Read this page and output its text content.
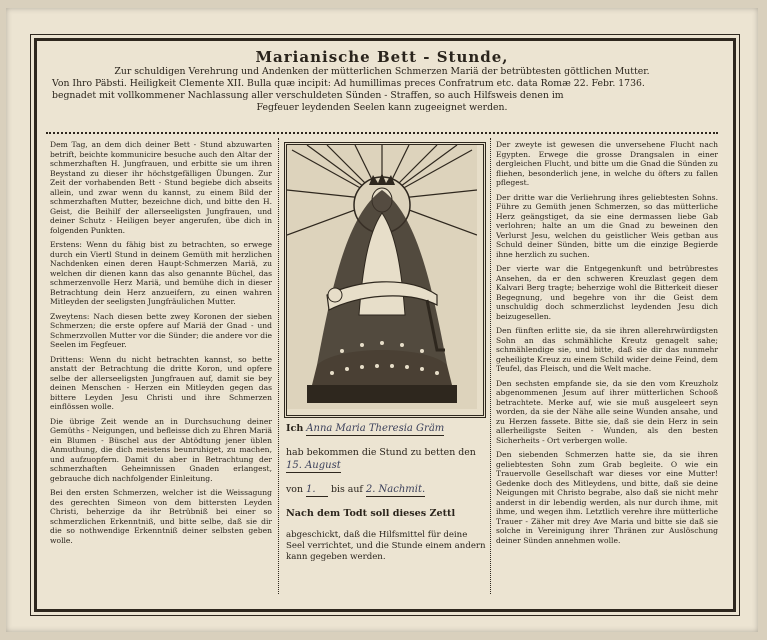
Marianische Bett - Stunde,
Zur schuldigen Verehrung und Andenken der mütterlichen Schmerzen Mariä der betrübtesten göttlichen Mutter.
Von Ihro Päbsti. Heiligkeit Clemente XII. Bulla quæ incipit: Ad humillimas preces Confratrum etc. data Romæ 22. Febr. 1736.
begnadet mit vollkommener Nachlassung aller verschuldeten Sünden - Straffen, so auch Hilfsweis denen im
Fegfeuer leydenden Seelen kann zugeeignet werden.

Dem Tag, an dem dich deiner Bett - Stund abzuwarten betrift, beichte kommunicire besuche auch den Altar der schmerzhaften H. Jungfrauen, und erbitte sie um ihren Beystand zu dieser ihr höchstgefälligen Übungen. Zur Zeit der vorhabenden Bett - Stund begiebe dich abseits allein, und zwar wenn du kannst, zu einem Bild der schmerzhaften Mutter, bezeichne dich, und bitte den H. Geist, die Beihilf der allerseeligsten Jungfrauen, und deiner Schutz - Heiligen beyer angerufen, übe dich in folgenden Punkten.

Erstens: Wenn du fähig bist zu betrachten, so erwege durch ein Viertl Stund in deinem Gemüth mit herzlichen Nachdenken einen deren Haupt-Schmerzen Mariä, zu welchen dir dienen kann das also genannte Büchel, das schmerzenvolle Herz Mariä, und bemühe dich in dieser Betrachtung dein Herz anzueifern, zu einen wahren Mitleyden der seeligsten Jungfräulichen Mutter.

Zweytens: Nach diesen bette zwey Koronen der sieben Schmerzen; die erste opfere auf Mariä der Gnad - und Schmerzvollen Mutter vor die Sünder; die andere vor die Seelen im Fegfeuer.

Drittens: Wenn du nicht betrachten kannst, so bette anstatt der Betrachtung die dritte Koron, und opfere selbe der allerseeligsten Jungfrauen auf, damit sie bey deinen Menschen - Herzen ein Mitleyden gegen das bittere Leyden Jesu Christi und ihre Schmerzen einflössen wolle.

Die übrige Zeit wende an in Durchsuchung deiner Gemüths - Neigungen, und befleisse dich zu Ehren Mariä ein Blumen - Büschel aus der Abtödtung jener üblen Anmuthung, die dich meistens beunruhiget, zu machen, und aufzuopfern. Damit du aber in Betrachtung der schmerzhaften Geheimnissen Gnaden erlangest, gebrauche dich nachfolgender Einleitung.

Bei den ersten Schmerzen, welcher ist die Weissagung des gerechten Simeon von dem bittersten Leyden Christi, beherzige da ihr Betrübniß bei einer so schmerzlichen Erkenntniß, und bitte selbe, daß sie dir die so nothwendige Erkenntniß deiner selbsten geben wolle.

Ich Anna Maria Theresia Gräm
hab bekommen die Stund zu betten den 15. August
von 1. bis auf 2. Nachmit.
Nach dem Todt soll dieses Zettl
abgeschickt, daß die Hilfsmittel für deine Seel verrichtet, und die Stunde einem andern kann gegeben werden.

Der zweyte ist gewesen die unversehene Flucht nach Egypten. Erwege die grosse Drangsalen in einer dergleichen Flucht, und bitte um die Gnad die Sünden zu fliehen, besonderlich jene, in welche du öfters zu fallen pflegest.

Der dritte war die Verliehrung ihres geliebtesten Sohns. Führe zu Gemüth jenen Schmerzen, so das mütterliche Herz geängstiget, da sie eine dermassen liebe Gab verlohren; halte an um die Gnad zu beweinen den Verlurst Jesu, welchen du geistlicher Weis getban aus Schuld deiner Sünden, bitte um die einzige Begierde ihne herzlich zu suchen.

Der vierte war die Entgegenkunft und betrübrestes Ansehen, da er den schweren Kreuzlast gegen dem Kalvari Berg tragte; beherzige wohl die Bitterkeit dieser Begegnung, und begehre von ihr die Geist dem unschuldig doch schmerzlichst leydenden Jesu dich beizugesellen.

Den fünften erlitte sie, da sie ihren allerehrwürdigsten Sohn an das schmähliche Kreutz genagelt sahe; schmählendige sie, und bitte, daß sie dir das nunmehr geheiligte Kreuz zu einem Schild wider deine Feind, dem Teufel, das Fleisch, und die Welt mache.

Den sechsten empfande sie, da sie den vom Kreuzholz abgenommenen Jesum auf ihrer mütterlichen Schooß betrachtete. Merke auf, wie sie muß ausgeleert seyn worden, da sie der Nähe alle seine Wunden ansahe, und zu Herzen fassete. Bitte sie, daß sie dein Herz in sein allerheiligste Seiten - Wunden, als den besten Sicherheits - Ort verbergen wolle.

Den siebenden Schmerzen hatte sie, da sie ihren geliebtesten Sohn zum Grab begleite. O wie ein Trauervolle Gesellschaft war dieses vor eine Mutter! Gedenke doch des Mitleydens, und bitte, daß sie deine Neigungen mit Christo begrabe, also daß sie nicht mehr anderst in dir lebendig werden, als nur durch ihme, mit ihme, und wegen ihm. Letztlich verehre ihre mütterliche Trauer - Zäher mit drey Ave Maria und bitte sie daß sie solche in Vereinigung ihrer Thränen zur Auslöschung deiner Sünden annehmen wolle.
